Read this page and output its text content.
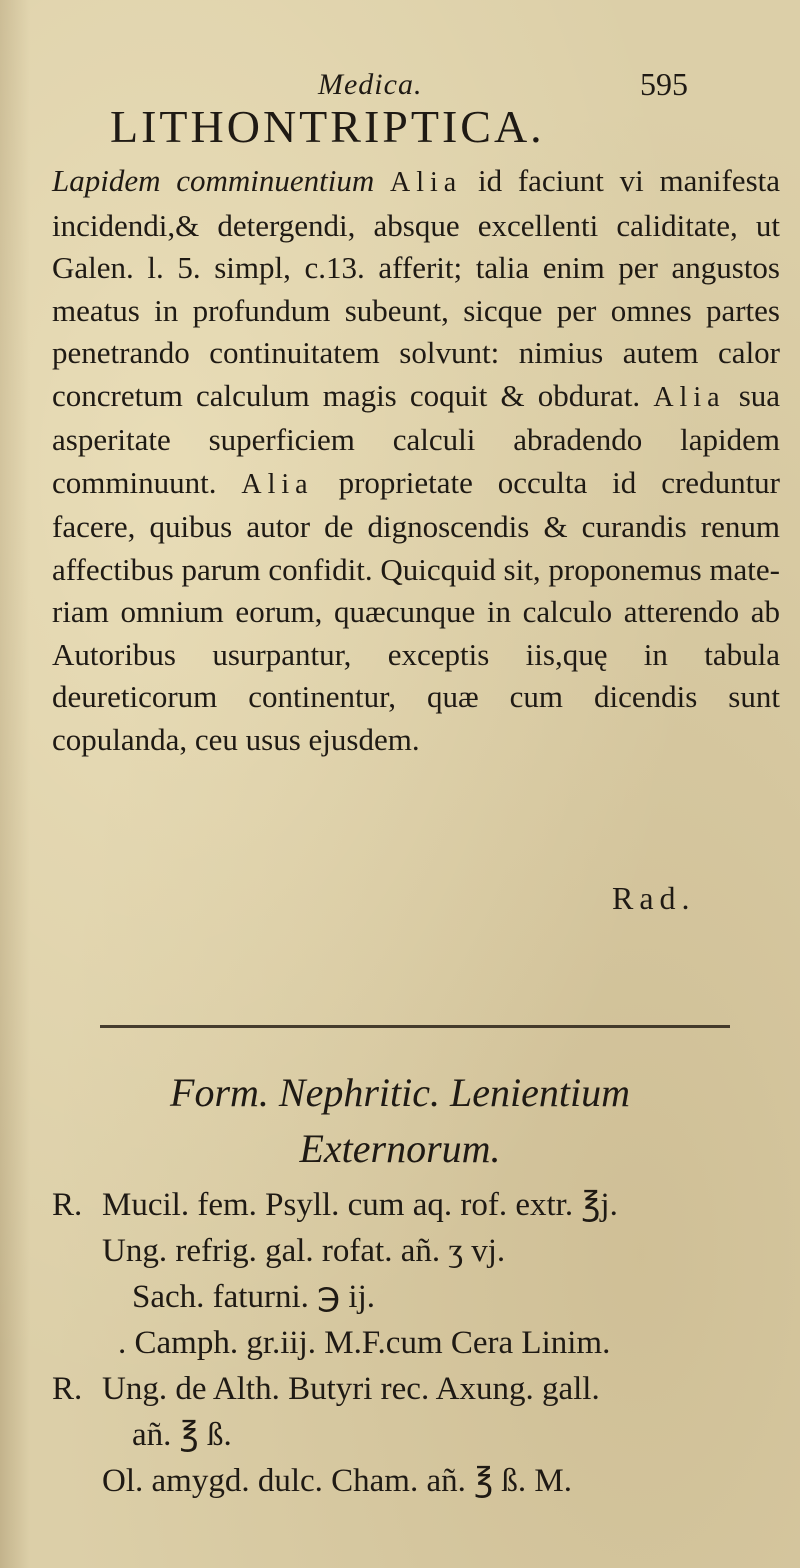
Medica.	595
LITHONTRIPTICA.
Lapidem comminuentium Alia id faciunt vi manifesta incidendi,& detergendi, absque excellenti caliditate, ut Galen. l. 5. simpl, c.13. afferit; talia enim per angustos meatus in profundum subeunt, sicque per omnes partes penetrando continuitatem solvunt: nimius autem calor concretum calculum magis coquit & obdurat. Alia sua asperitate superficiem calculi abradendo lapidem comminuunt. Alia proprietate occulta id creduntur facere, quibus autor de dignoscendis & curandis renum affectibus parum confidit. Quicquid sit, proponemus materiam omnium eorum, quæcunque in calculo atterendo ab Autoribus usurpantur, exceptis iis,quę in tabula deureticorum continentur, quæ cum dicendis sunt copulanda, ceu usus ejusdem.
Rad.
Form. Nephritic. Lenientium
Externorum.
R. Mucil. fem. Psyll. cum aq. rof. extr. ℥j.
Ung. refrig. gal. rofat. añ. ʒ vj.
Sach. faturni. ℈ ij.
. Camph. gr.iij. M.F.cum Cera Linim.
R. Ung. de Alth. Butyri rec. Axung. gall.
añ. ℥ ß.
Ol. amygd. dulc. Cham. añ. ℥ ß. M.
